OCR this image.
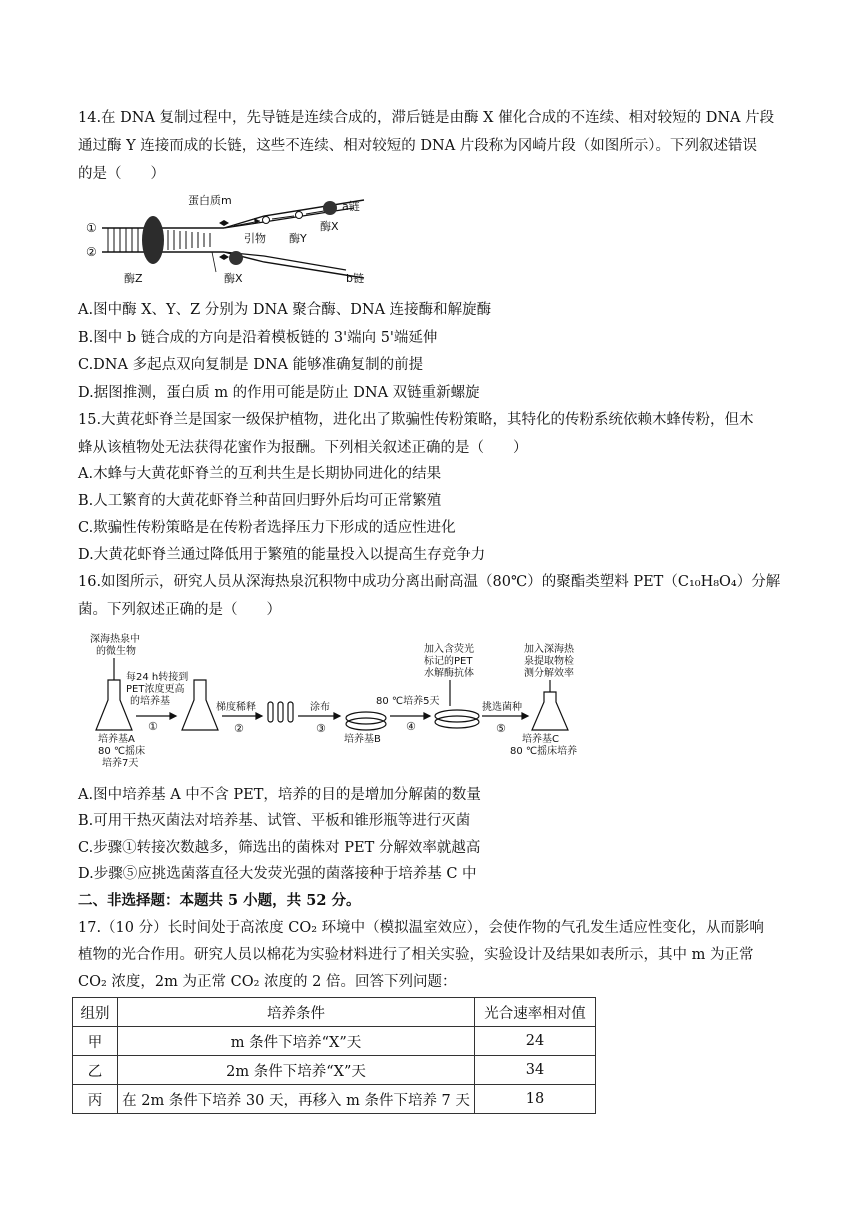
14.在 DNA 复制过程中，先导链是连续合成的，滞后链是由酶 X 催化合成的不连续、相对较短的 DNA 片段
通过酶 Y 连接而成的长链，这些不连续、相对较短的 DNA 片段称为冈崎片段（如图所示）。下列叙述错误
的是（　　）
①
②
蛋白质m	a链
引物 酶Y
酶X
酶Z	酶X	b链
A.图中酶 X、Y、Z 分别为 DNA 聚合酶、DNA 连接酶和解旋酶
B.图中 b 链合成的方向是沿着模板链的 3'端向 5'端延伸
C.DNA 多起点双向复制是 DNA 能够准确复制的前提
D.据图推测，蛋白质 m 的作用可能是防止 DNA 双链重新螺旋
15.大黄花虾脊兰是国家一级保护植物，进化出了欺骗性传粉策略，其特化的传粉系统依赖木蜂传粉，但木
蜂从该植物处无法获得花蜜作为报酬。下列相关叙述正确的是（　　）
A.木蜂与大黄花虾脊兰的互利共生是长期协同进化的结果
B.人工繁育的大黄花虾脊兰种苗回归野外后均可正常繁殖
C.欺骗性传粉策略是在传粉者选择压力下形成的适应性进化
D.大黄花虾脊兰通过降低用于繁殖的能量投入以提高生存竞争力
16.如图所示，研究人员从深海热泉沉积物中成功分离出耐高温（80℃）的聚酯类塑料 PET（C₁₀H₈O₄）分解
菌。下列叙述正确的是（　　）
深海热泉中
的微生物
每24 h转接到
PET浓度更高
的培养基
培养基A
80 ℃摇床
培养7天
梯度稀释	涂布
培养基B
80 ℃培养5天
加入含荧光
标记的PET
水解酶抗体
挑选菌种
加入深海热
泉提取物检
测分解效率
培养基C
80 ℃摇床培养
①	②	③	④	⑤
A.图中培养基 A 中不含 PET，培养的目的是增加分解菌的数量
B.可用干热灭菌法对培养基、试管、平板和锥形瓶等进行灭菌
C.步骤①转接次数越多，筛选出的菌株对 PET 分解效率就越高
D.步骤⑤应挑选菌落直径大发荧光强的菌落接种于培养基 C 中
二、非选择题：本题共 5 小题，共 52 分。
17.（10 分）长时间处于高浓度 CO₂ 环境中（模拟温室效应），会使作物的气孔发生适应性变化，从而影响
植物的光合作用。研究人员以棉花为实验材料进行了相关实验，实验设计及结果如表所示，其中 m 为正常
CO₂ 浓度，2m 为正常 CO₂ 浓度的 2 倍。回答下列问题：
组别	培养条件	光合速率相对值
甲	m 条件下培养“X”天	24
乙	2m 条件下培养“X”天	34
丙	在 2m 条件下培养 30 天，再移入 m 条件下培养 7 天	18
